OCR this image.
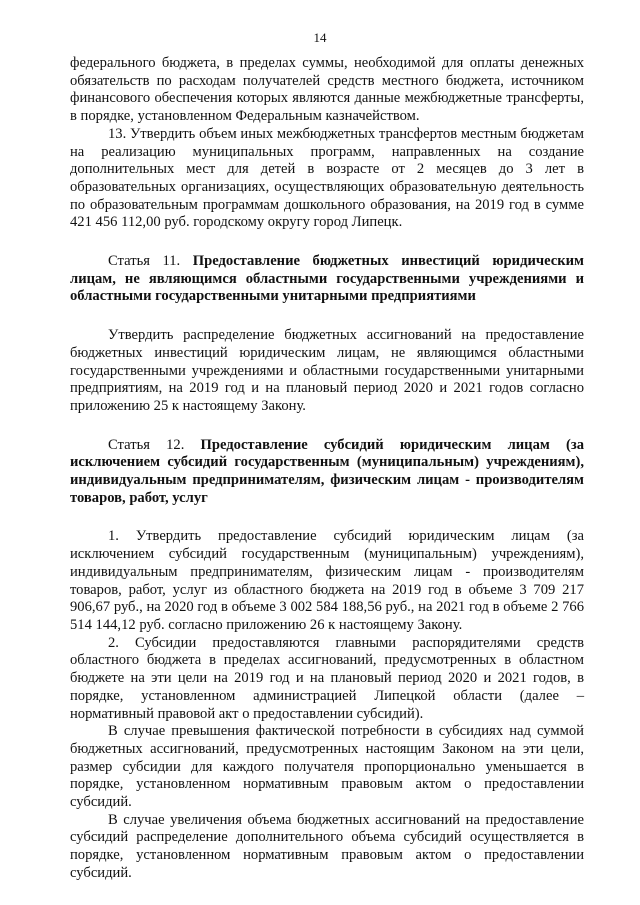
14

федерального бюджета, в пределах суммы, необходимой для оплаты денежных обязательств по расходам получателей средств местного бюджета, источником финансового обеспечения которых являются данные межбюджетные трансферты, в порядке, установленном Федеральным казначейством.

13. Утвердить объем иных межбюджетных трансфертов местным бюджетам на реализацию муниципальных программ, направленных на создание дополнительных мест для детей в возрасте от 2 месяцев до 3 лет в образовательных организациях, осуществляющих образовательную деятельность по образовательным программам дошкольного образования, на 2019 год в сумме 421 456 112,00 руб. городскому округу город Липецк.

Статья 11. Предоставление бюджетных инвестиций юридическим лицам, не являющимся областными государственными учреждениями и областными государственными унитарными предприятиями

Утвердить распределение бюджетных ассигнований на предоставление бюджетных инвестиций юридическим лицам, не являющимся областными государственными учреждениями и областными государственными унитарными предприятиям, на 2019 год и на плановый период 2020 и 2021 годов согласно приложению 25 к настоящему Закону.

Статья 12. Предоставление субсидий юридическим лицам (за исключением субсидий государственным (муниципальным) учреждениям), индивидуальным предпринимателям, физическим лицам - производителям товаров, работ, услуг

1. Утвердить предоставление субсидий юридическим лицам (за исключением субсидий государственным (муниципальным) учреждениям), индивидуальным предпринимателям, физическим лицам - производителям товаров, работ, услуг из областного бюджета на 2019 год в объеме 3 709 217 906,67 руб., на 2020 год в объеме 3 002 584 188,56 руб., на 2021 год в объеме 2 766 514 144,12 руб. согласно приложению 26 к настоящему Закону.

2. Субсидии предоставляются главными распорядителями средств областного бюджета в пределах ассигнований, предусмотренных в областном бюджете на эти цели на 2019 год и на плановый период 2020 и 2021 годов, в порядке, установленном администрацией Липецкой области (далее – нормативный правовой акт о предоставлении субсидий).

В случае превышения фактической потребности в субсидиях над суммой бюджетных ассигнований, предусмотренных настоящим Законом на эти цели, размер субсидии для каждого получателя пропорционально уменьшается в порядке, установленном нормативным правовым актом о предоставлении субсидий.

В случае увеличения объема бюджетных ассигнований на предоставление субсидий распределение дополнительного объема субсидий осуществляется в порядке, установленном нормативным правовым актом о предоставлении субсидий.
